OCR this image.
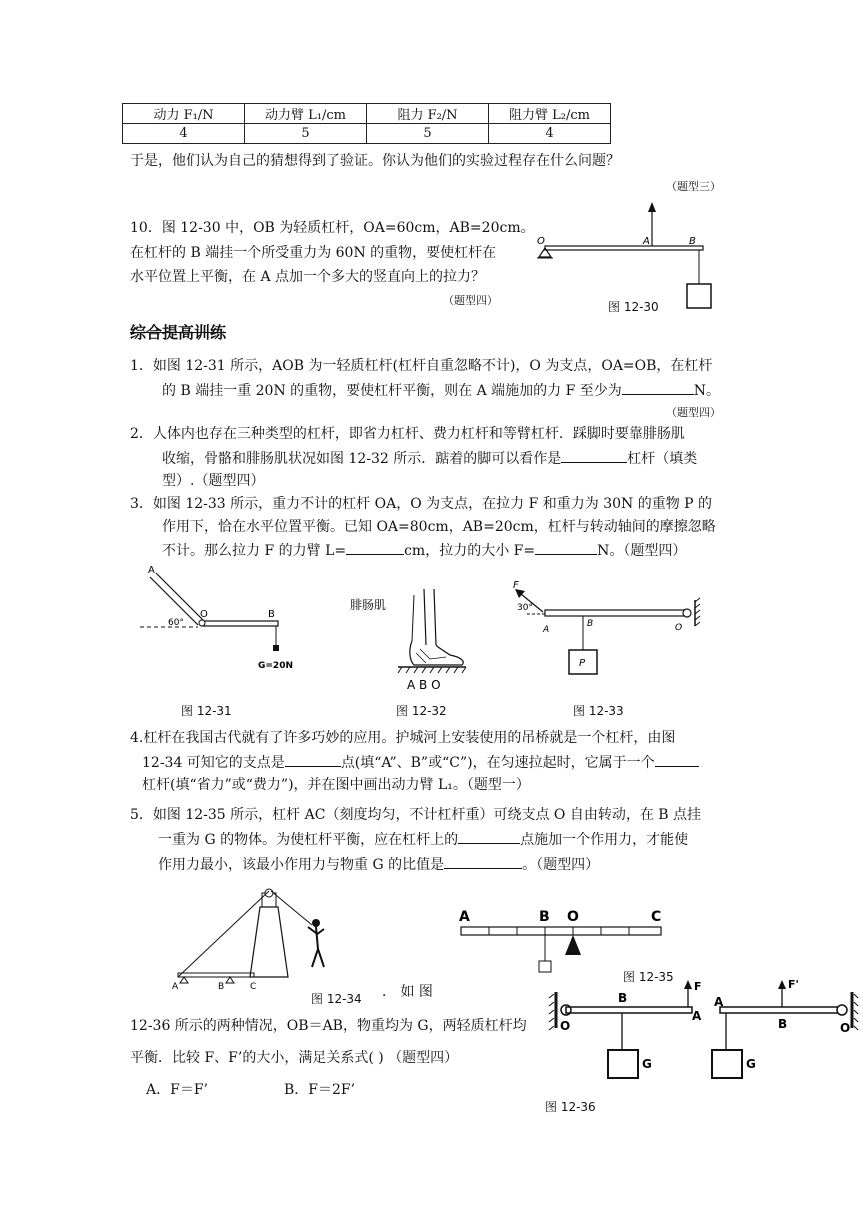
动力 F₁/N	动力臂 L₁/cm	阻力 F₂/N	阻力臂 L₂/cm
4	5	5	4
于是，他们认为自己的猜想得到了验证。你认为他们的实验过程存在什么问题？
（题型三）
10．图 12-30 中，OB 为轻质杠杆，OA=60cm，AB=20cm。
在杠杆的 B 端挂一个所受重力为 60N 的重物，要使杠杆在
水平位置上平衡，在 A 点加一个多大的竖直向上的拉力？
（题型四）
O	A	B
图 12-30
综合提高训练
1．如图 12-31 所示，AOB 为一轻质杠杆(杠杆自重忽略不计)，O 为支点，OA=OB，在杠杆
的 B 端挂一重 20N 的重物，要使杠杆平衡，则在 A 端施加的力 F 至少为	N。
（题型四）
2．人体内也存在三种类型的杠杆，即省力杠杆、费力杠杆和等臂杠杆．踩脚时要靠腓肠肌
收缩，骨骼和腓肠肌状况如图 12-32 所示．踮着的脚可以看作是	杠杆（填类
型）.（题型四）
3．如图 12-33 所示，重力不计的杠杆 OA，O 为支点，在拉力 F 和重力为 30N 的重物 P 的
作用下，恰在水平位置平衡。已知 OA=80cm，AB=20cm，杠杆与转动轴间的摩擦忽略
不计。那么拉力 F 的力臂 L=	cm，拉力的大小 F=	N。（题型四）
A
60°
O	B
G=20N
图 12-31
腓肠肌
A B O
图 12-32
F
30°
A
B
P
O
图 12-33
4.杠杆在我国古代就有了许多巧妙的应用。护城河上安装使用的吊桥就是一个杠杆，由图
12-34 可知它的支点是	点(填“A”、B”或“C”)，在匀速拉起时，它属于一个
杠杆(填“省力”或“费力”)，并在图中画出动力臂 L₁。（题型一）
5．如图 12-35 所示，杠杆 AC（刻度均匀，不计杠杆重）可绕支点 O 自由转动，在 B 点挂
一重为 G 的物体。为使杠杆平衡，应在杠杆上的	点施加一个作用力，才能使
作用力最小，该最小作用力与物重 G 的比值是	。（题型四）
A	B	C
图 12-34 ． 如 图
A	B O	C
图 12-35
12-36 所示的两种情况，OB＝AB，物重均为 G，两轻质杠杆均
平衡．比较 F、F’的大小，满足关系式( ) （题型四）
A．F＝F’	B．F＝2F’
O
B
F
A
G
A
F'
B	O
G
图 12-36
